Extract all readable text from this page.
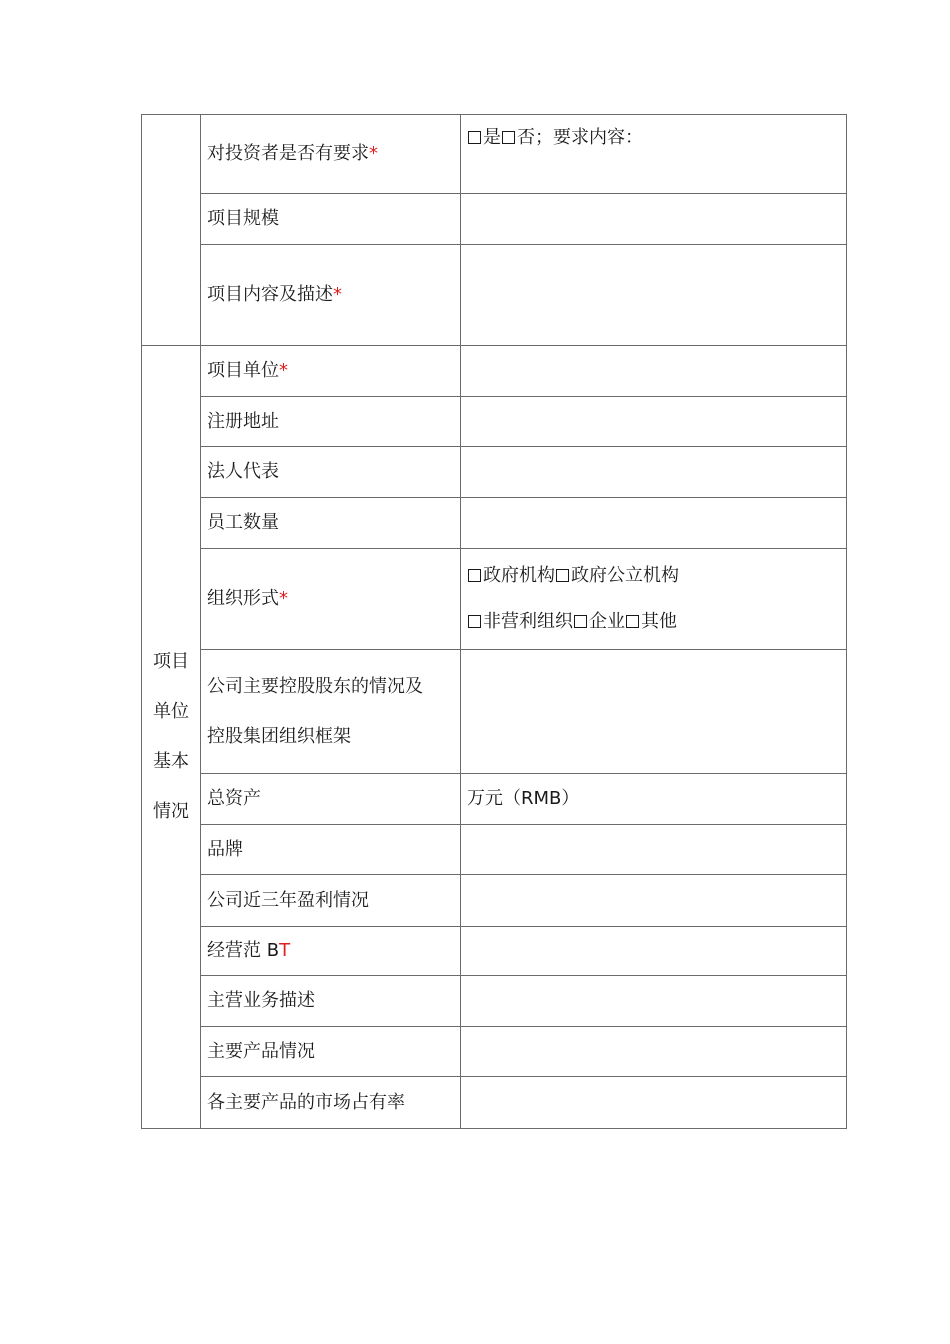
	对投资者是否有要求*	是 否；要求内容：
	项目规模	
	项目内容及描述*	

项目
单位
基本
情况	项目单位*	
	注册地址	
	法人代表	
	员工数量	
	组织形式*	政府机构 政府公立机构
非营利组织 企业 其他

	公司主要控股股东的情况及
控股集团组织框架	

	总资产	万元（RMB）
	品牌	
	公司近三年盈利情况	
	经营范 BT	
	主营业务描述	
	主要产品情况	
	各主要产品的市场占有率	
